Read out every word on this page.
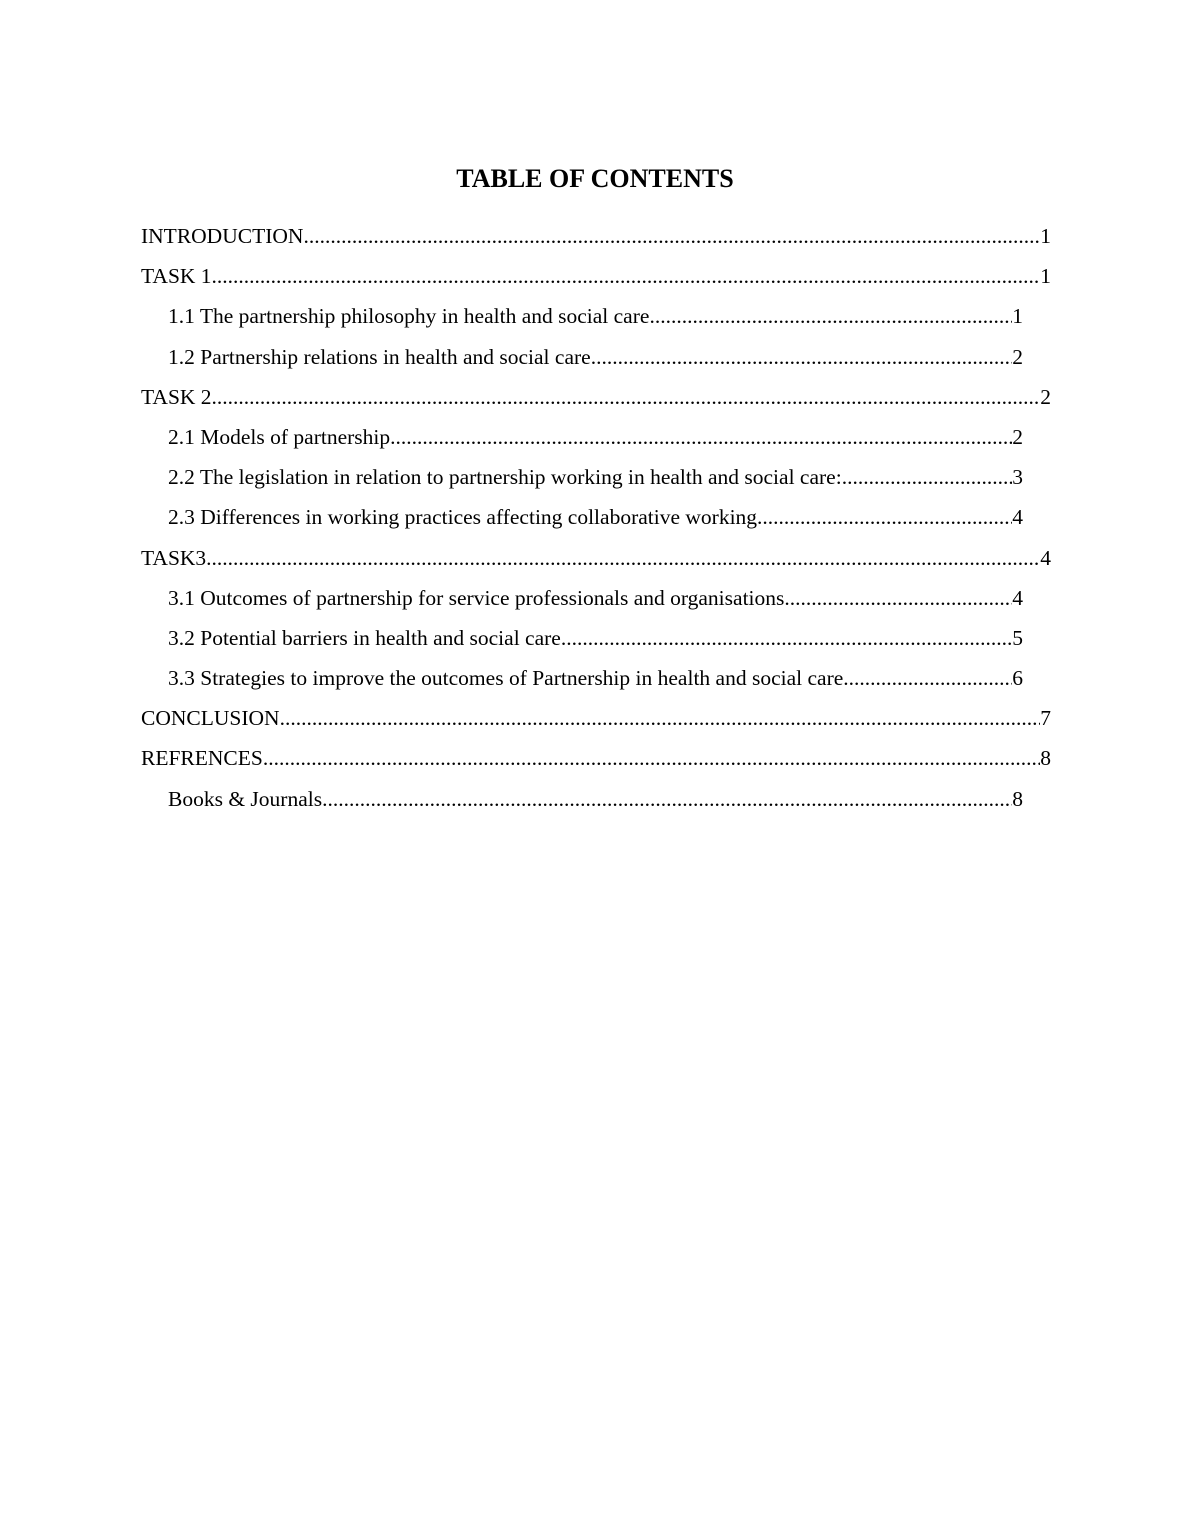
TABLE OF CONTENTS
INTRODUCTION .....	1
TASK 1 .....	1
1.1 The partnership philosophy in health and social care .....	1
1.2 Partnership relations in health and social care .....	2
TASK 2 .....	2
2.1 Models of partnership .....	2
2.2 The legislation in relation to partnership working in health and social care: .....	3
2.3 Differences in working practices affecting collaborative working .....	4
TASK3 .....	4
3.1 Outcomes of partnership for service professionals and organisations .....	4
3.2 Potential barriers in health and social care .....	5
3.3 Strategies to improve the outcomes of Partnership in health and social care .....	6
CONCLUSION .....	7
REFRENCES .....	8
Books & Journals .....	8
